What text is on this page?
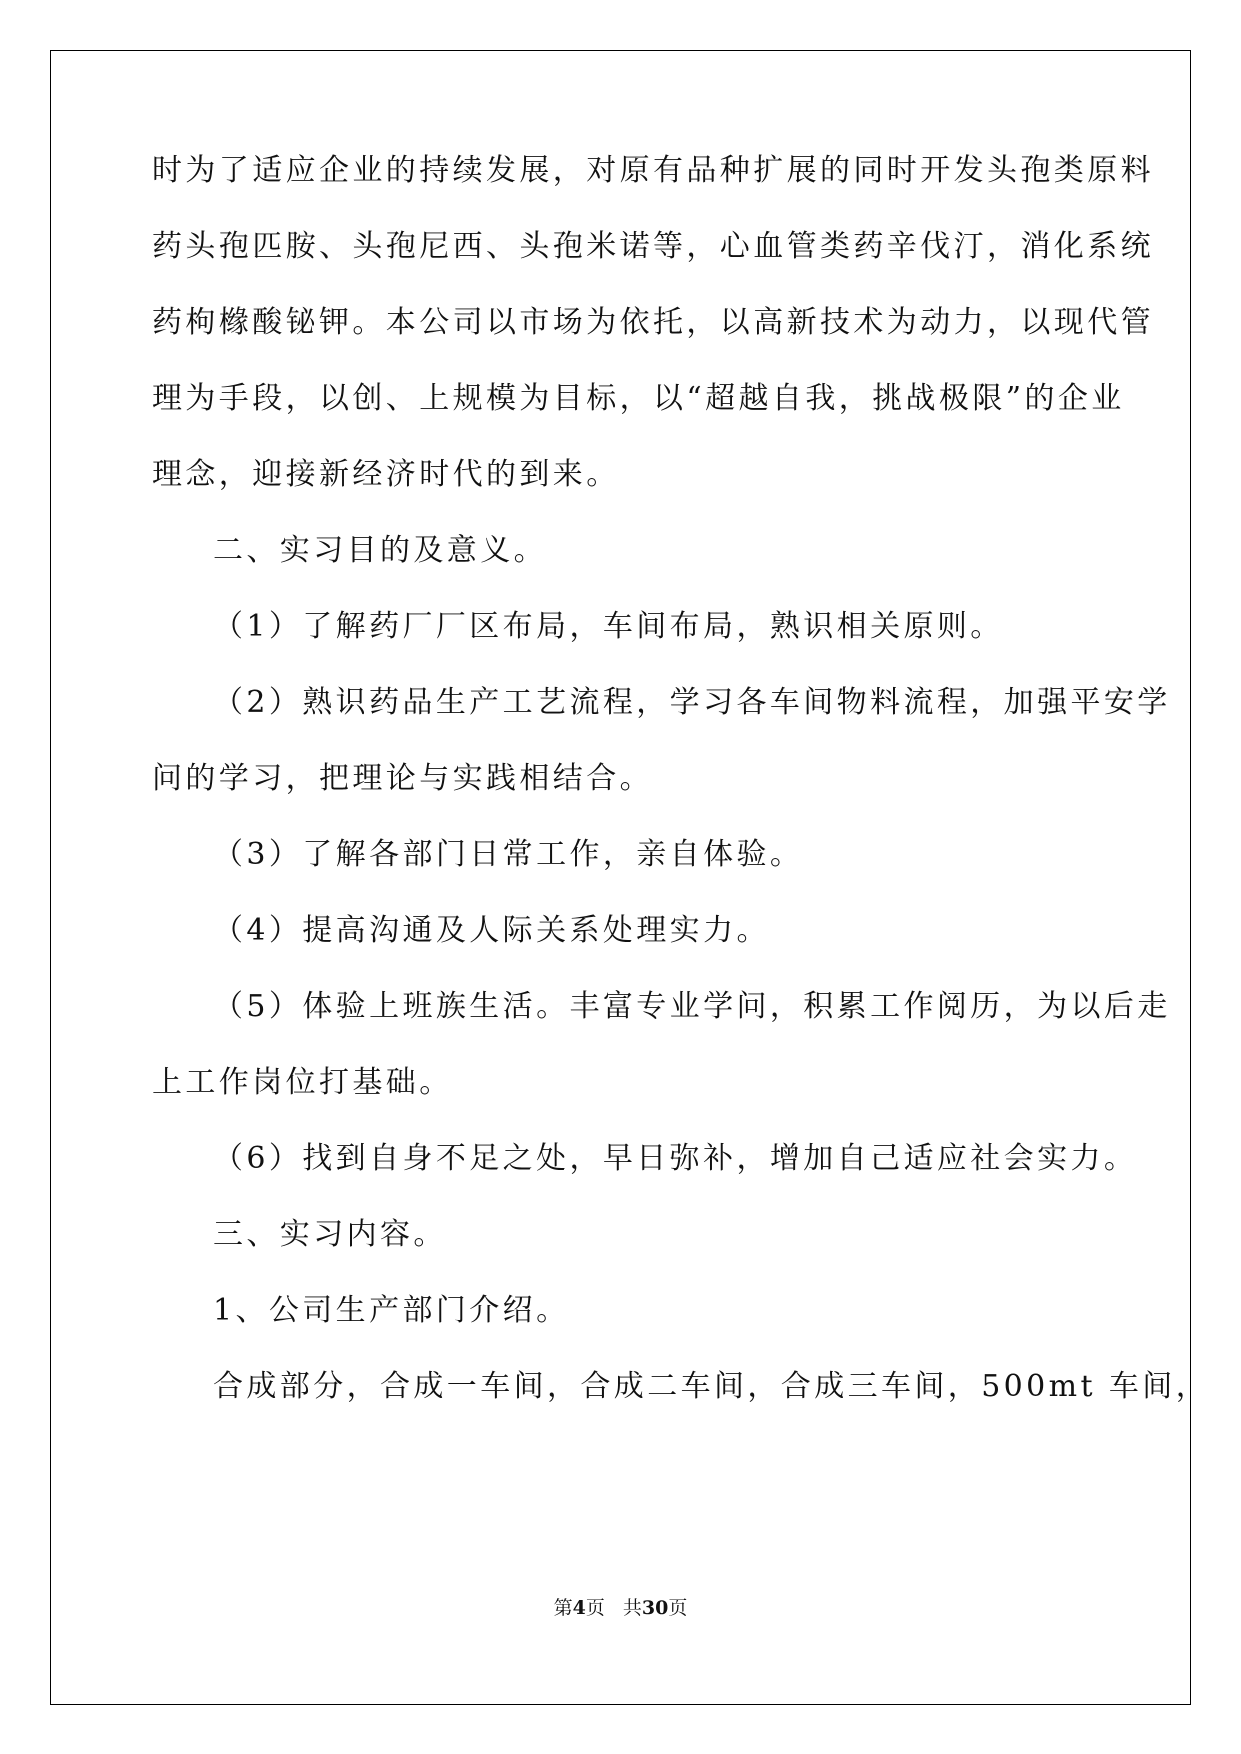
时为了适应企业的持续发展，对原有品种扩展的同时开发头孢类原料
药头孢匹胺、头孢尼西、头孢米诺等，心血管类药辛伐汀，消化系统
药枸橼酸铋钾。本公司以市场为依托，以高新技术为动力，以现代管
理为手段，以创、上规模为目标，以“超越自我，挑战极限”的企业
理念，迎接新经济时代的到来。
二、实习目的及意义。
（1）了解药厂厂区布局，车间布局，熟识相关原则。
（2）熟识药品生产工艺流程，学习各车间物料流程，加强平安学
问的学习，把理论与实践相结合。
（3）了解各部门日常工作，亲自体验。
（4）提高沟通及人际关系处理实力。
（5）体验上班族生活。丰富专业学问，积累工作阅历，为以后走
上工作岗位打基础。
（6）找到自身不足之处，早日弥补，增加自己适应社会实力。
三、实习内容。
1、公司生产部门介绍。
合成部分，合成一车间，合成二车间，合成三车间，500mt 车间，
第4页 共30页
